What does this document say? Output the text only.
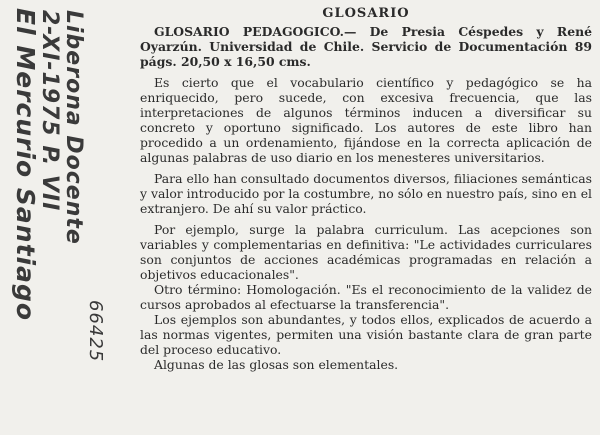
El Mercurio Santiago
2-XI-1975 P. VII Liberona Docente
66425
GLOSARIO

GLOSARIO PEDAGOGICO.— De Presia Céspedes y René Oyarzún. Universidad de Chile. Servicio de Documentación 89 págs. 20,50 x 16,50 cms.

Es cierto que el vocabulario científico y pedagógico se ha enriquecido, pero sucede, con excesiva frecuencia, que las interpretaciones de algunos términos inducen a diversificar su concreto y oportuno significado. Los autores de este libro han procedido a un ordenamiento, fijándose en la correcta aplicación de algunas palabras de uso diario en los menesteres universitarios.

Para ello han consultado documentos diversos, filiaciones semánticas y valor introducido por la costumbre, no sólo en nuestro país, sino en el extranjero. De ahí su valor práctico.

Por ejemplo, surge la palabra curriculum. Las acepciones son variables y complementarias en definitiva: "Le actividades curriculares son conjuntos de acciones académicas programadas en relación a objetivos educacionales".

Otro término: Homologación. "Es el reconocimiento de la validez de cursos aprobados al efectuarse la transferencia".

Los ejemplos son abundantes, y todos ellos, explicados de acuerdo a las normas vigentes, permiten una visión bastante clara de gran parte del proceso educativo.

Algunas de las glosas son elementales.
